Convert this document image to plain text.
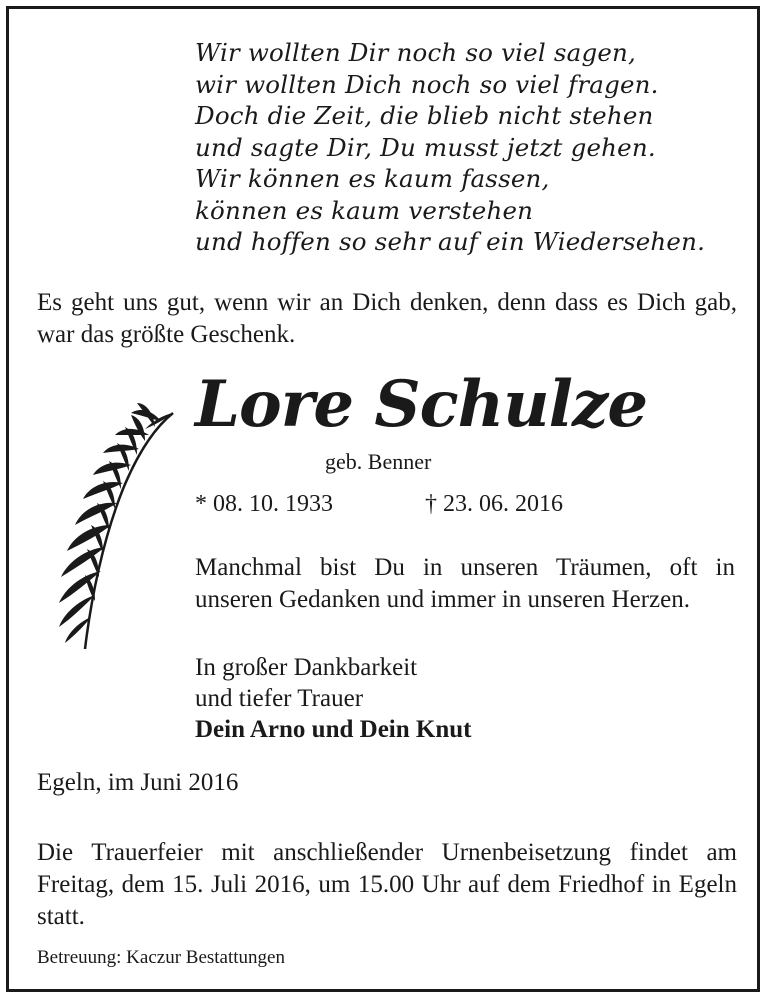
Wir wollten Dir noch so viel sagen,
wir wollten Dich noch so viel fragen.
Doch die Zeit, die blieb nicht stehen
und sagte Dir, Du musst jetzt gehen.
Wir können es kaum fassen,
können es kaum verstehen
und hoffen so sehr auf ein Wiedersehen.
Es geht uns gut, wenn wir an Dich denken, denn dass es Dich gab, war das größte Geschenk.
Lore Schulze
geb. Benner
* 08. 10. 1933	† 23. 06. 2016
Manchmal bist Du in unseren Träumen, oft in unseren Gedanken und immer in unseren Herzen.
In großer Dankbarkeit
und tiefer Trauer
Dein Arno und Dein Knut
Egeln, im Juni 2016
Die Trauerfeier mit anschließender Urnenbeisetzung findet am Freitag, dem 15. Juli 2016, um 15.00 Uhr auf dem Friedhof in Egeln statt.
Betreuung: Kaczur Bestattungen
